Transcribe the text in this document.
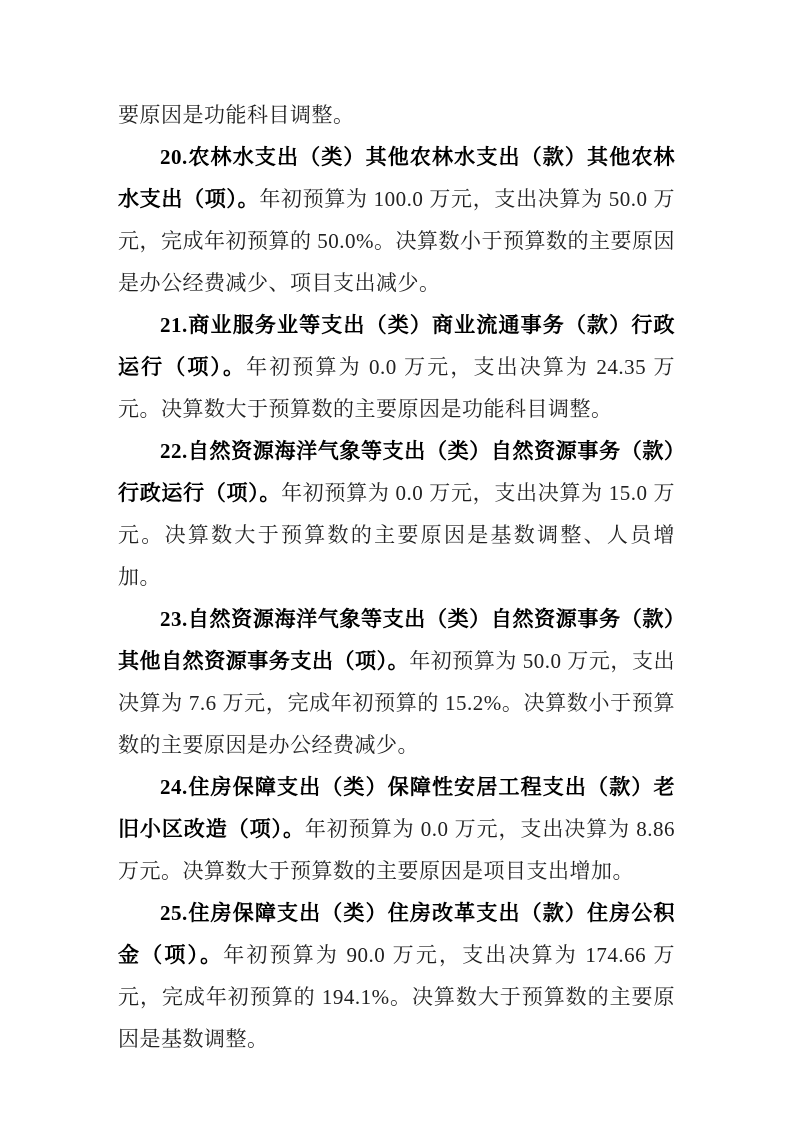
要原因是功能科目调整。

20.农林水支出（类）其他农林水支出（款）其他农林水支出（项）。年初预算为 100.0 万元，支出决算为 50.0 万元，完成年初预算的 50.0%。决算数小于预算数的主要原因是办公经费减少、项目支出减少。

21.商业服务业等支出（类）商业流通事务（款）行政运行（项）。年初预算为 0.0 万元，支出决算为 24.35 万元。决算数大于预算数的主要原因是功能科目调整。

22.自然资源海洋气象等支出（类）自然资源事务（款）行政运行（项）。年初预算为 0.0 万元，支出决算为 15.0 万元。决算数大于预算数的主要原因是基数调整、人员增加。

23.自然资源海洋气象等支出（类）自然资源事务（款）其他自然资源事务支出（项）。年初预算为 50.0 万元，支出决算为 7.6 万元，完成年初预算的 15.2%。决算数小于预算数的主要原因是办公经费减少。

24.住房保障支出（类）保障性安居工程支出（款）老旧小区改造（项）。年初预算为 0.0 万元，支出决算为 8.86 万元。决算数大于预算数的主要原因是项目支出增加。

25.住房保障支出（类）住房改革支出（款）住房公积金（项）。年初预算为 90.0 万元，支出决算为 174.66 万元，完成年初预算的 194.1%。决算数大于预算数的主要原因是基数调整。
